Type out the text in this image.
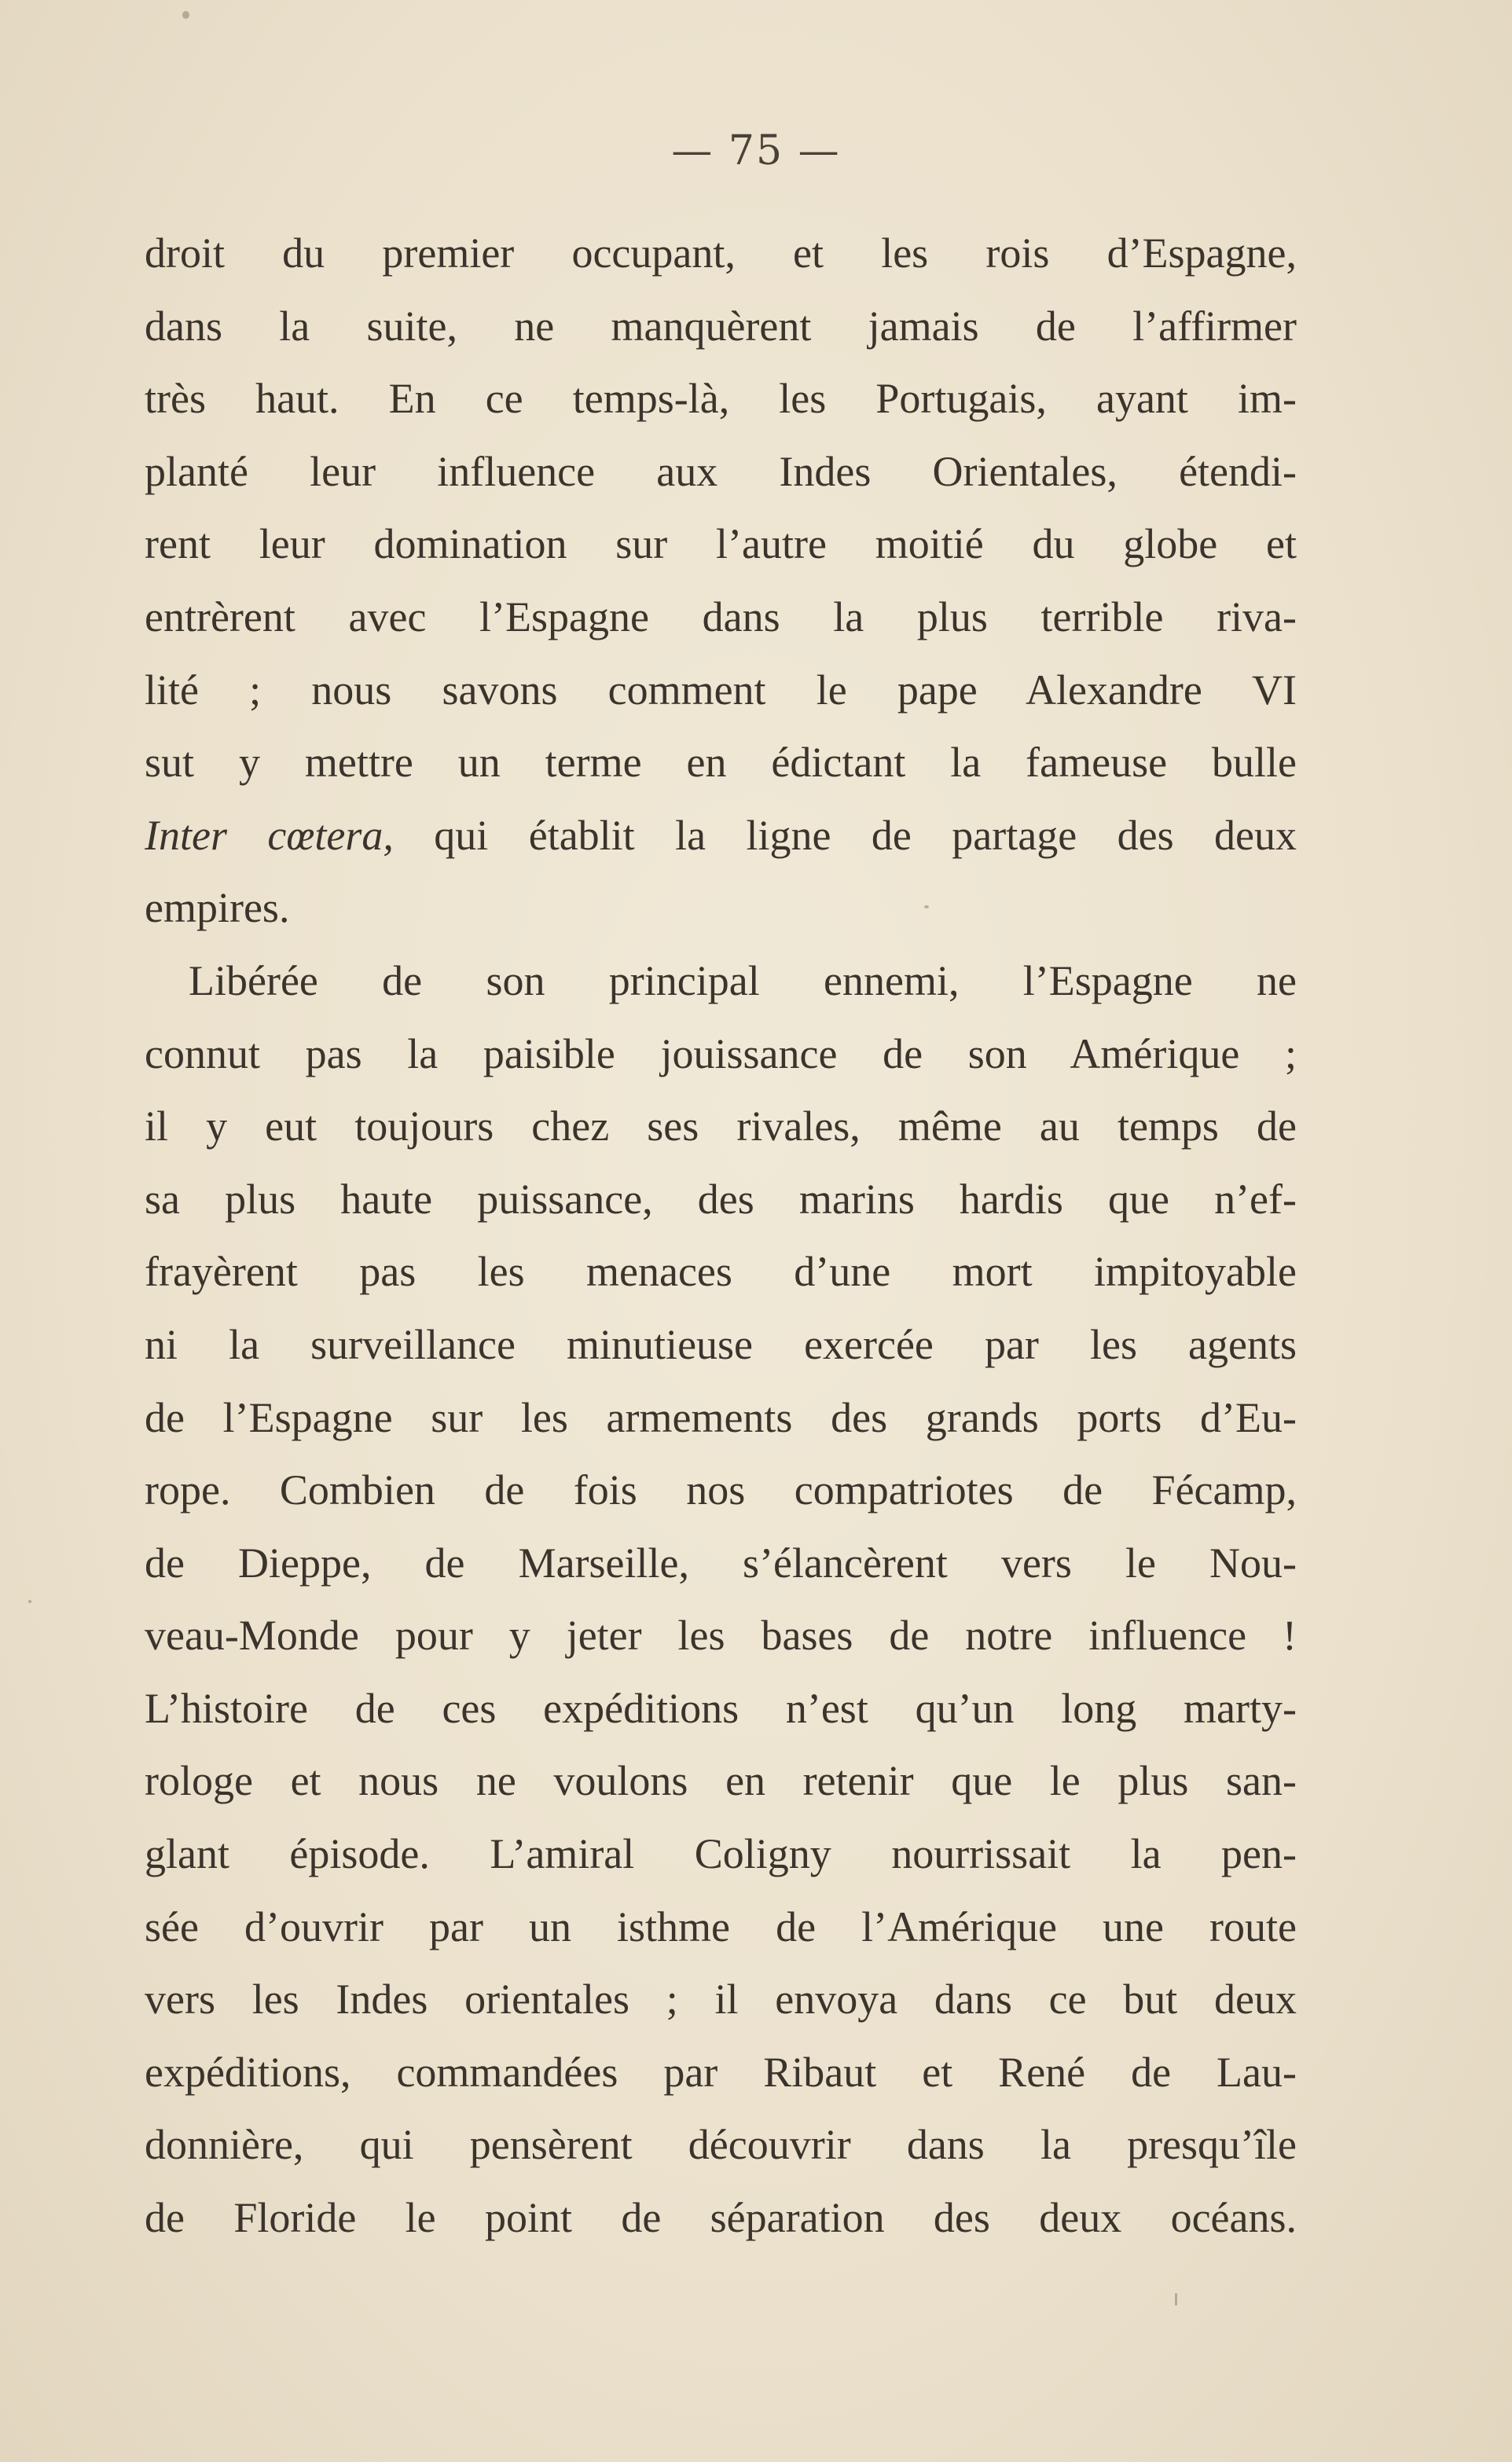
— 75 —
droit du premier occupant, et les rois d’Espagne,
dans la suite, ne manquèrent jamais de l’affirmer
très haut. En ce temps-là, les Portugais, ayant im-
planté leur influence aux Indes Orientales, étendi-
rent leur domination sur l’autre moitié du globe et
entrèrent avec l’Espagne dans la plus terrible riva-
lité ; nous savons comment le pape Alexandre VI
sut y mettre un terme en édictant la fameuse bulle
Inter cœtera, qui établit la ligne de partage des deux
empires.
Libérée de son principal ennemi, l’Espagne ne
connut pas la paisible jouissance de son Amérique ;
il y eut toujours chez ses rivales, même au temps de
sa plus haute puissance, des marins hardis que n’ef-
frayèrent pas les menaces d’une mort impitoyable
ni la surveillance minutieuse exercée par les agents
de l’Espagne sur les armements des grands ports d’Eu-
rope. Combien de fois nos compatriotes de Fécamp,
de Dieppe, de Marseille, s’élancèrent vers le Nou-
veau-Monde pour y jeter les bases de notre influence !
L’histoire de ces expéditions n’est qu’un long marty-
rologe et nous ne voulons en retenir que le plus san-
glant épisode. L’amiral Coligny nourrissait la pen-
sée d’ouvrir par un isthme de l’Amérique une route
vers les Indes orientales ; il envoya dans ce but deux
expéditions, commandées par Ribaut et René de Lau-
donnière, qui pensèrent découvrir dans la presqu’île
de Floride le point de séparation des deux océans.
